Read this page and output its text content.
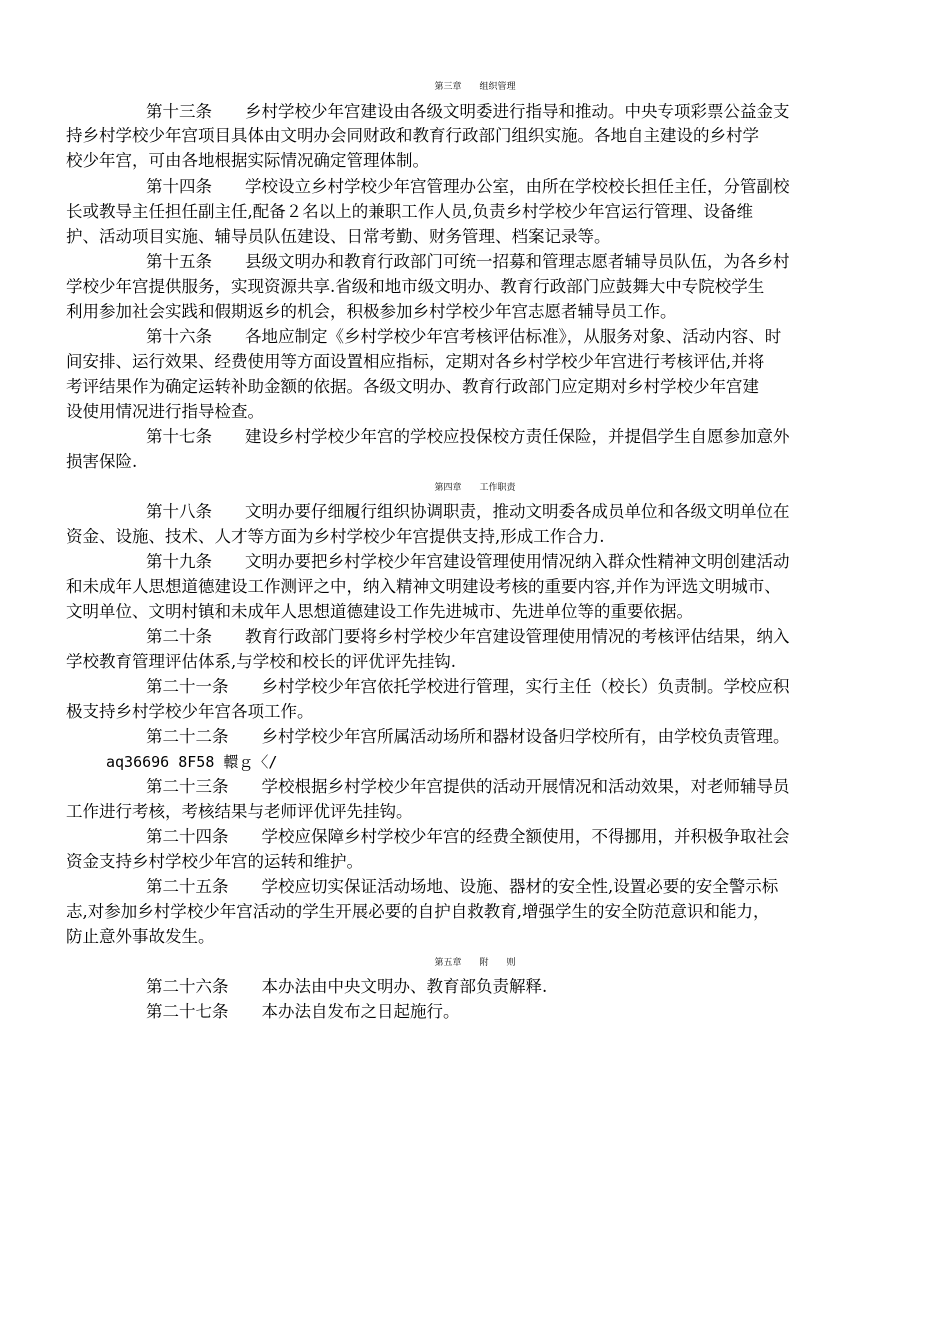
第三章　　组织管理
第十三条　　乡村学校少年宫建设由各级文明委进行指导和推动。中央专项彩票公益金支
持乡村学校少年宫项目具体由文明办会同财政和教育行政部门组织实施。各地自主建设的乡村学
校少年宫，可由各地根据实际情况确定管理体制。
第十四条　　学校设立乡村学校少年宫管理办公室，由所在学校校长担任主任，分管副校
长或教导主任担任副主任,配备２名以上的兼职工作人员,负责乡村学校少年宫运行管理、设备维
护、活动项目实施、辅导员队伍建设、日常考勤、财务管理、档案记录等。
第十五条　　县级文明办和教育行政部门可统一招募和管理志愿者辅导员队伍，为各乡村
学校少年宫提供服务，实现资源共享.省级和地市级文明办、教育行政部门应鼓舞大中专院校学生
利用参加社会实践和假期返乡的机会，积极参加乡村学校少年宫志愿者辅导员工作。
第十六条　　各地应制定《乡村学校少年宫考核评估标准》，从服务对象、活动内容、时
间安排、运行效果、经费使用等方面设置相应指标，定期对各乡村学校少年宫进行考核评估,并将
考评结果作为确定运转补助金额的依据。各级文明办、教育行政部门应定期对乡村学校少年宫建
设使用情况进行指导检查。
第十七条　　建设乡村学校少年宫的学校应投保校方责任保险，并提倡学生自愿参加意外
损害保险.
第四章　　工作职责
第十八条　　文明办要仔细履行组织协调职责，推动文明委各成员单位和各级文明单位在
资金、设施、技术、人才等方面为乡村学校少年宫提供支持,形成工作合力.
第十九条　　文明办要把乡村学校少年宫建设管理使用情况纳入群众性精神文明创建活动
和未成年人思想道德建设工作测评之中，纳入精神文明建设考核的重要内容,并作为评选文明城市、
文明单位、文明村镇和未成年人思想道德建设工作先进城市、先进单位等的重要依据。
第二十条　　教育行政部门要将乡村学校少年宫建设管理使用情况的考核评估结果，纳入
学校教育管理评估体系,与学校和校长的评优评先挂钩.
第二十一条　　乡村学校少年宫依托学校进行管理，实行主任（校长）负责制。学校应积
极支持乡村学校少年宫各项工作。
第二十二条　　乡村学校少年宫所属活动场所和器材设备归学校所有，由学校负责管理。
aq36696 8F58 轘ｇ〈/
第二十三条　　学校根据乡村学校少年宫提供的活动开展情况和活动效果，对老师辅导员
工作进行考核，考核结果与老师评优评先挂钩。
第二十四条　　学校应保障乡村学校少年宫的经费全额使用，不得挪用，并积极争取社会
资金支持乡村学校少年宫的运转和维护。
第二十五条　　学校应切实保证活动场地、设施、器材的安全性,设置必要的安全警示标
志,对参加乡村学校少年宫活动的学生开展必要的自护自救教育,增强学生的安全防范意识和能力，
防止意外事故发生。
第五章　　附　　则
第二十六条　　本办法由中央文明办、教育部负责解释.
第二十七条　　本办法自发布之日起施行。
